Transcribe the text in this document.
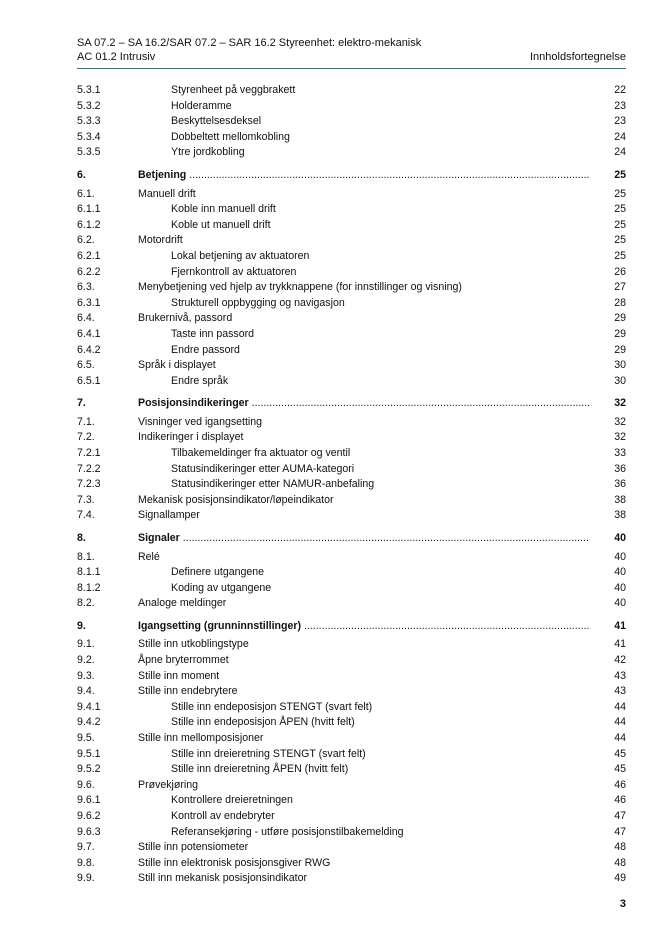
SA 07.2 – SA 16.2/SAR 07.2 – SAR 16.2 Styreenhet: elektro-mekanisk
AC 01.2 Intrusiv	Innholdsfortegnelse
5.3.1	Styrenheet på veggbrakett	22
5.3.2	Holderamme	23
5.3.3	Beskyttelsesdeksel	23
5.3.4	Dobbeltett mellomkobling	24
5.3.5	Ytre jordkobling	24
6.	Betjening .....	25
6.1.	Manuell drift	25
6.1.1	Koble inn manuell drift	25
6.1.2	Koble ut manuell drift	25
6.2.	Motordrift	25
6.2.1	Lokal betjening av aktuatoren	25
6.2.2	Fjernkontroll av aktuatoren	26
6.3.	Menybetjening ved hjelp av trykknappene (for innstillinger og visning)	27
6.3.1	Strukturell oppbygging og navigasjon	28
6.4.	Brukernivå, passord	29
6.4.1	Taste inn passord	29
6.4.2	Endre passord	29
6.5.	Språk i displayet	30
6.5.1	Endre språk	30
7.	Posisjonsindikeringer .....	32
7.1.	Visninger ved igangsetting	32
7.2.	Indikeringer i displayet	32
7.2.1	Tilbakemeldinger fra aktuator og ventil	33
7.2.2	Statusindikeringer etter AUMA-kategori	36
7.2.3	Statusindikeringer etter NAMUR-anbefaling	36
7.3.	Mekanisk posisjonsindikator/løpeindikator	38
7.4.	Signallamper	38
8.	Signaler .....	40
8.1.	Relé	40
8.1.1	Definere utgangene	40
8.1.2	Koding av utgangene	40
8.2.	Analoge meldinger	40
9.	Igangsetting (grunninnstillinger) .....	41
9.1.	Stille inn utkoblingstype	41
9.2.	Åpne bryterrommet	42
9.3.	Stille inn moment	43
9.4.	Stille inn endebrytere	43
9.4.1	Stille inn endeposisjon STENGT (svart felt)	44
9.4.2	Stille inn endeposisjon ÅPEN (hvitt felt)	44
9.5.	Stille inn mellomposisjoner	44
9.5.1	Stille inn dreieretning STENGT (svart felt)	45
9.5.2	Stille inn dreieretning ÅPEN (hvitt felt)	45
9.6.	Prøvekjøring	46
9.6.1	Kontrollere dreieretningen	46
9.6.2	Kontroll av endebryter	47
9.6.3	Referansekjøring - utføre posisjonstilbakemelding	47
9.7.	Stille inn potensiometer	48
9.8.	Stille inn elektronisk posisjonsgiver RWG	48
9.9.	Still inn mekanisk posisjonsindikator	49
3
